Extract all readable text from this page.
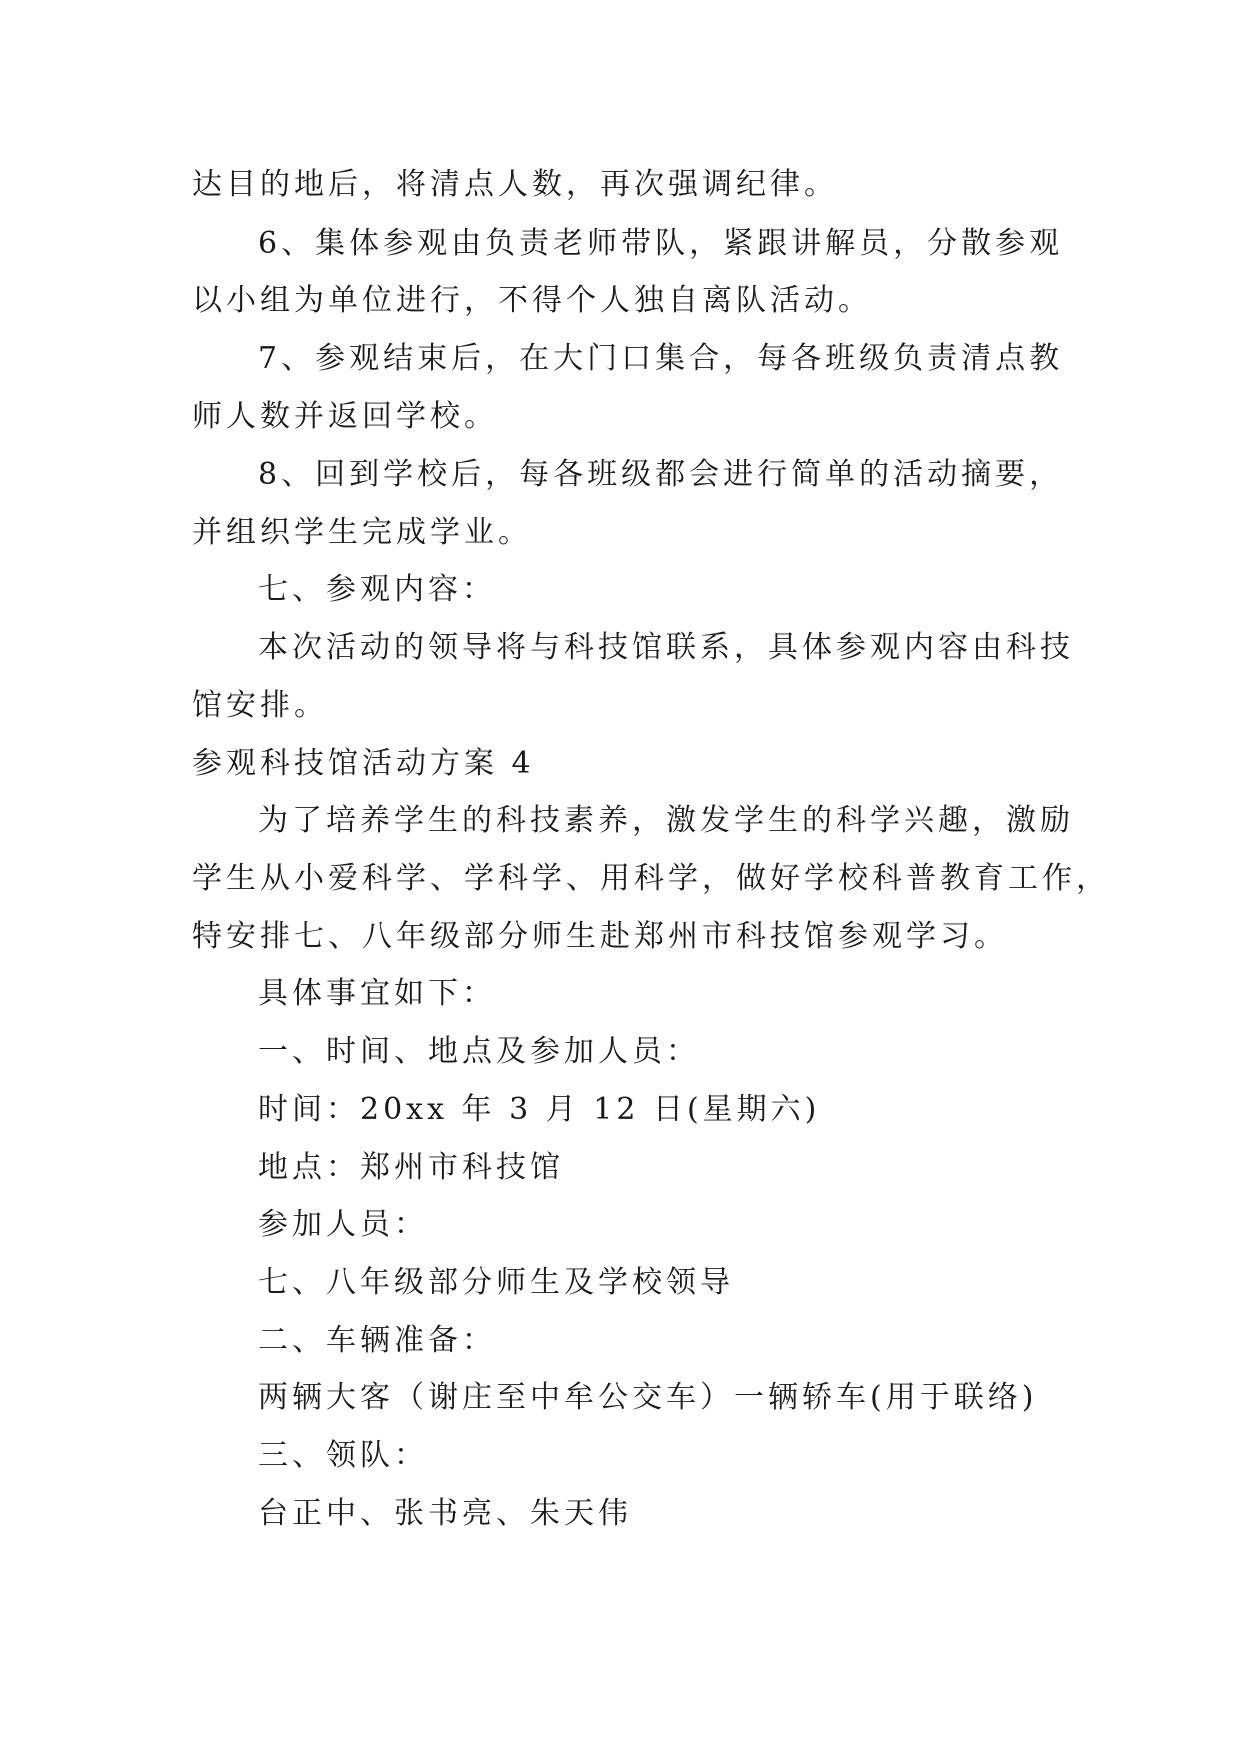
达目的地后，将清点人数，再次强调纪律。
6、集体参观由负责老师带队，紧跟讲解员，分散参观
以小组为单位进行，不得个人独自离队活动。
7、参观结束后，在大门口集合，每各班级负责清点教
师人数并返回学校。
8、回到学校后，每各班级都会进行简单的活动摘要，
并组织学生完成学业。
七、参观内容：
本次活动的领导将与科技馆联系，具体参观内容由科技
馆安排。
参观科技馆活动方案 4
为了培养学生的科技素养，激发学生的科学兴趣，激励
学生从小爱科学、学科学、用科学，做好学校科普教育工作，
特安排七、八年级部分师生赴郑州市科技馆参观学习。
具体事宜如下：
一、时间、地点及参加人员：
时间：20xx 年 3 月 12 日(星期六)
地点：郑州市科技馆
参加人员：
七、八年级部分师生及学校领导
二、车辆准备：
两辆大客（谢庄至中牟公交车）一辆轿车(用于联络)
三、领队：
台正中、张书亮、朱天伟
